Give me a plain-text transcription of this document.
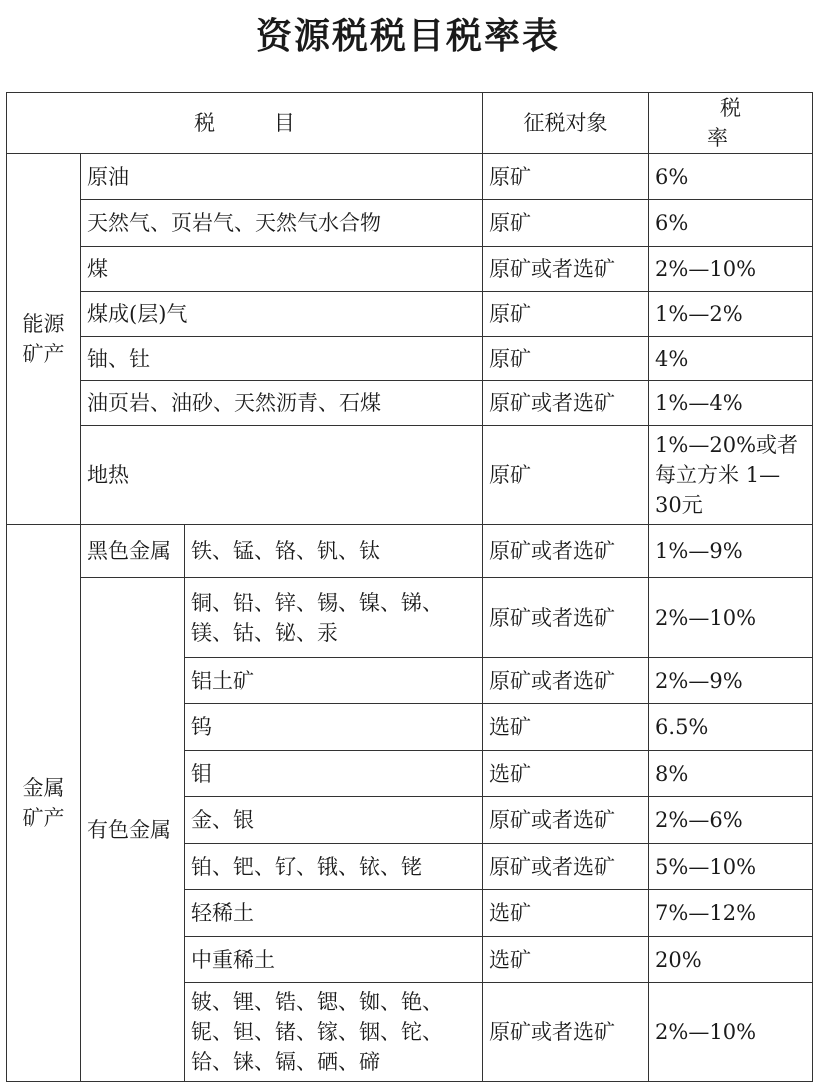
资源税税目税率表
税 目			征税对象	税 率

能源
矿产	原油		原矿	6%
	天然气、页岩气、天然气水合物		原矿	6%
	煤		原矿或者选矿	2%—10%
	煤成(层)气		原矿	1%—2%
	铀、钍		原矿	4%
	油页岩、油砂、天然沥青、石煤		原矿或者选矿	1%—4%
	地热		原矿	1%—20%或者每立方米 1—30元

金属
矿产	黑色金属	铁、锰、铬、钒、钛	原矿或者选矿	1%—9%
	有色金属	铜、铅、锌、锡、镍、锑、镁、钴、铋、汞	原矿或者选矿	2%—10%
		铝土矿	原矿或者选矿	2%—9%
		钨	选矿	6.5%
		钼	选矿	8%
		金、银	原矿或者选矿	2%—6%
		铂、钯、钌、锇、铱、铑	原矿或者选矿	5%—10%
		轻稀土	选矿	7%—12%
		中重稀土	选矿	20%
		铍、锂、锆、锶、铷、铯、铌、钽、锗、镓、铟、铊、铪、铼、镉、硒、碲	原矿或者选矿	2%—10%
